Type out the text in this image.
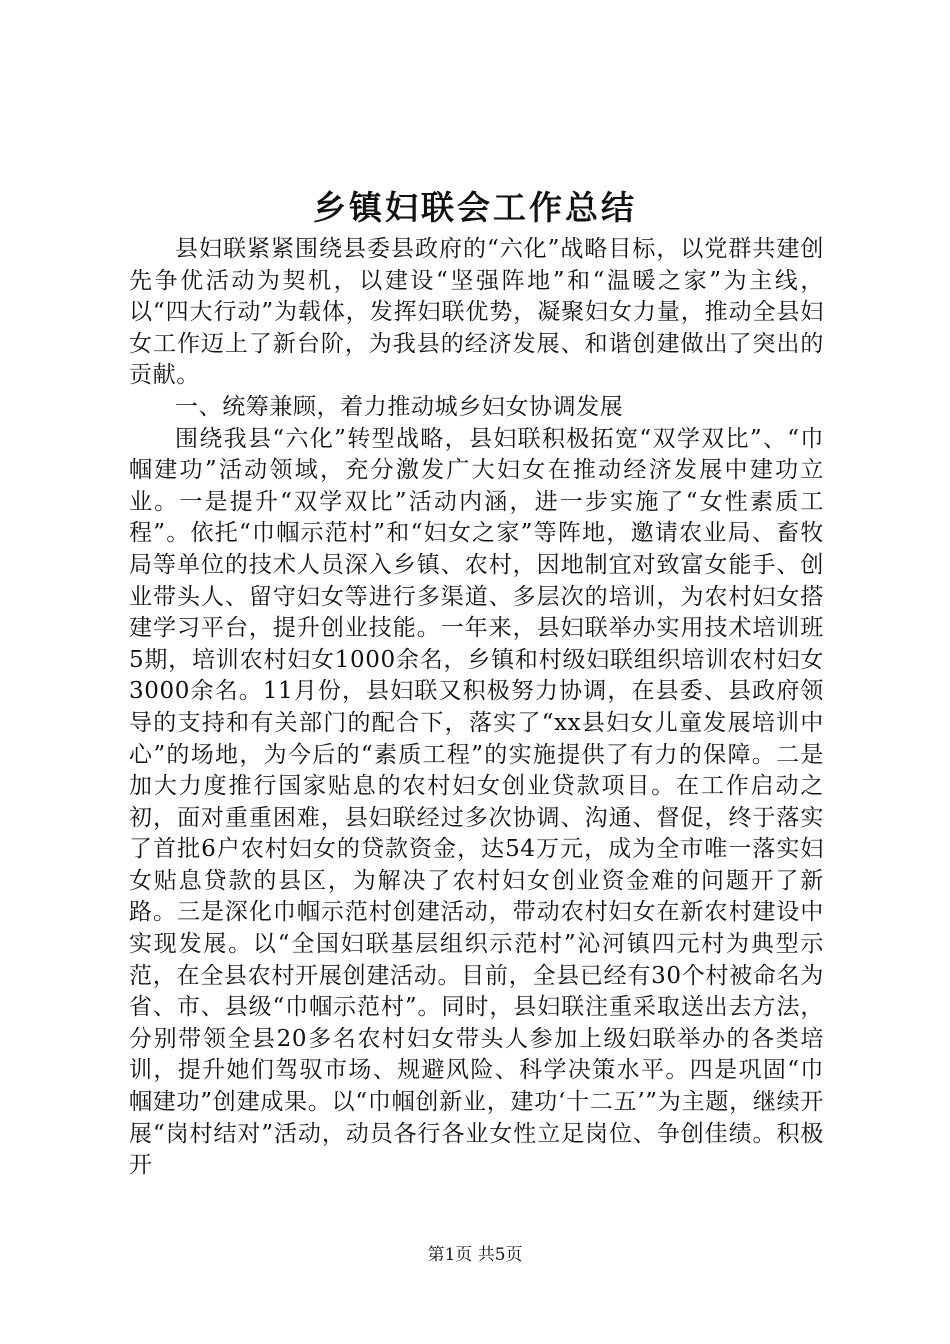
乡镇妇联会工作总结

县妇联紧紧围绕县委县政府的“六化”战略目标，以党群共建创先争优活动为契机，以建设“坚强阵地”和“温暖之家”为主线，以“四大行动”为载体，发挥妇联优势，凝聚妇女力量，推动全县妇女工作迈上了新台阶，为我县的经济发展、和谐创建做出了突出的贡献。

一、统筹兼顾，着力推动城乡妇女协调发展

围绕我县“六化”转型战略，县妇联积极拓宽“双学双比”、“巾帼建功”活动领域，充分激发广大妇女在推动经济发展中建功立业。一是提升“双学双比”活动内涵，进一步实施了“女性素质工程”。依托“巾帼示范村”和“妇女之家”等阵地，邀请农业局、畜牧局等单位的技术人员深入乡镇、农村，因地制宜对致富女能手、创业带头人、留守妇女等进行多渠道、多层次的培训，为农村妇女搭建学习平台，提升创业技能。一年来，县妇联举办实用技术培训班5期，培训农村妇女1000余名，乡镇和村级妇联组织培训农村妇女3000余名。11月份，县妇联又积极努力协调，在县委、县政府领导的支持和有关部门的配合下，落实了“xx县妇女儿童发展培训中心”的场地，为今后的“素质工程”的实施提供了有力的保障。二是加大力度推行国家贴息的农村妇女创业贷款项目。在工作启动之初，面对重重困难，县妇联经过多次协调、沟通、督促，终于落实了首批6户农村妇女的贷款资金，达54万元，成为全市唯一落实妇女贴息贷款的县区，为解决了农村妇女创业资金难的问题开了新路。三是深化巾帼示范村创建活动，带动农村妇女在新农村建设中实现发展。以“全国妇联基层组织示范村”沁河镇四元村为典型示范，在全县农村开展创建活动。目前，全县已经有30个村被命名为省、市、县级“巾帼示范村”。同时，县妇联注重采取送出去方法，分别带领全县20多名农村妇女带头人参加上级妇联举办的各类培训，提升她们驾驭市场、规避风险、科学决策水平。四是巩固“巾帼建功”创建成果。以“巾帼创新业，建功‘十二五’”为主题，继续开展“岗村结对”活动，动员各行各业女性立足岗位、争创佳绩。积极开

第1页 共5页
